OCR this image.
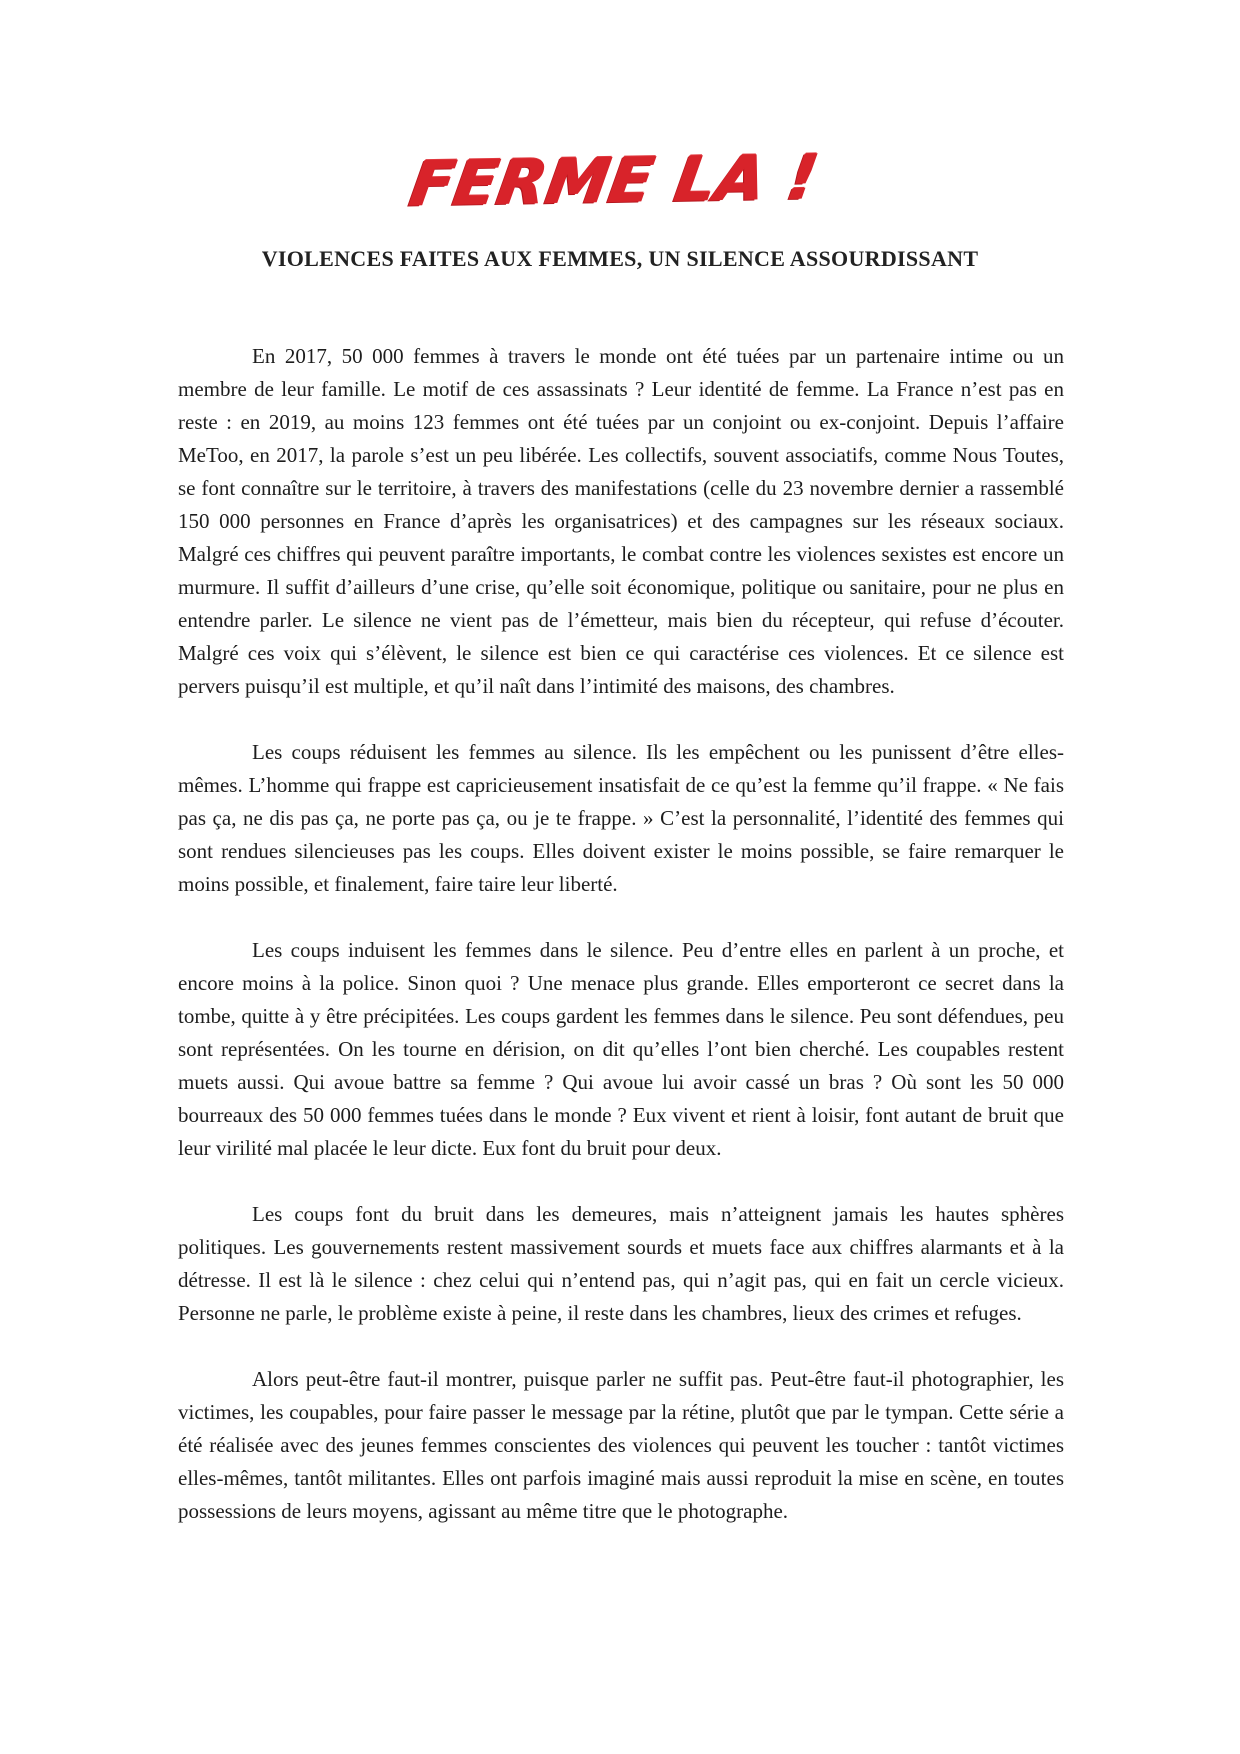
FERME LA !
VIOLENCES FAITES AUX FEMMES, UN SILENCE ASSOURDISSANT

En 2017, 50 000 femmes à travers le monde ont été tuées par un partenaire intime ou un membre de leur famille. Le motif de ces assassinats ? Leur identité de femme. La France n’est pas en reste : en 2019, au moins 123 femmes ont été tuées par un conjoint ou ex-conjoint. Depuis l’affaire MeToo, en 2017, la parole s’est un peu libérée. Les collectifs, souvent associatifs, comme Nous Toutes, se font connaître sur le territoire, à travers des manifestations (celle du 23 novembre dernier a rassemblé 150 000 personnes en France d’après les organisatrices) et des campagnes sur les réseaux sociaux. Malgré ces chiffres qui peuvent paraître importants, le combat contre les violences sexistes est encore un murmure. Il suffit d’ailleurs d’une crise, qu’elle soit économique, politique ou sanitaire, pour ne plus en entendre parler. Le silence ne vient pas de l’émetteur, mais bien du récepteur, qui refuse d’écouter. Malgré ces voix qui s’élèvent, le silence est bien ce qui caractérise ces violences. Et ce silence est pervers puisqu’il est multiple, et qu’il naît dans l’intimité des maisons, des chambres.

Les coups réduisent les femmes au silence. Ils les empêchent ou les punissent d’être elles-mêmes. L’homme qui frappe est capricieusement insatisfait de ce qu’est la femme qu’il frappe. « Ne fais pas ça, ne dis pas ça, ne porte pas ça, ou je te frappe. » C’est la personnalité, l’identité des femmes qui sont rendues silencieuses pas les coups. Elles doivent exister le moins possible, se faire remarquer le moins possible, et finalement, faire taire leur liberté.

Les coups induisent les femmes dans le silence. Peu d’entre elles en parlent à un proche, et encore moins à la police. Sinon quoi ? Une menace plus grande. Elles emporteront ce secret dans la tombe, quitte à y être précipitées. Les coups gardent les femmes dans le silence. Peu sont défendues, peu sont représentées. On les tourne en dérision, on dit qu’elles l’ont bien cherché. Les coupables restent muets aussi. Qui avoue battre sa femme ? Qui avoue lui avoir cassé un bras ? Où sont les 50 000 bourreaux des 50 000 femmes tuées dans le monde ? Eux vivent et rient à loisir, font autant de bruit que leur virilité mal placée le leur dicte. Eux font du bruit pour deux.

Les coups font du bruit dans les demeures, mais n’atteignent jamais les hautes sphères politiques. Les gouvernements restent massivement sourds et muets face aux chiffres alarmants et à la détresse. Il est là le silence : chez celui qui n’entend pas, qui n’agit pas, qui en fait un cercle vicieux. Personne ne parle, le problème existe à peine, il reste dans les chambres, lieux des crimes et refuges.

Alors peut-être faut-il montrer, puisque parler ne suffit pas. Peut-être faut-il photographier, les victimes, les coupables, pour faire passer le message par la rétine, plutôt que par le tympan. Cette série a été réalisée avec des jeunes femmes conscientes des violences qui peuvent les toucher : tantôt victimes elles-mêmes, tantôt militantes. Elles ont parfois imaginé mais aussi reproduit la mise en scène, en toutes possessions de leurs moyens, agissant au même titre que le photographe.
